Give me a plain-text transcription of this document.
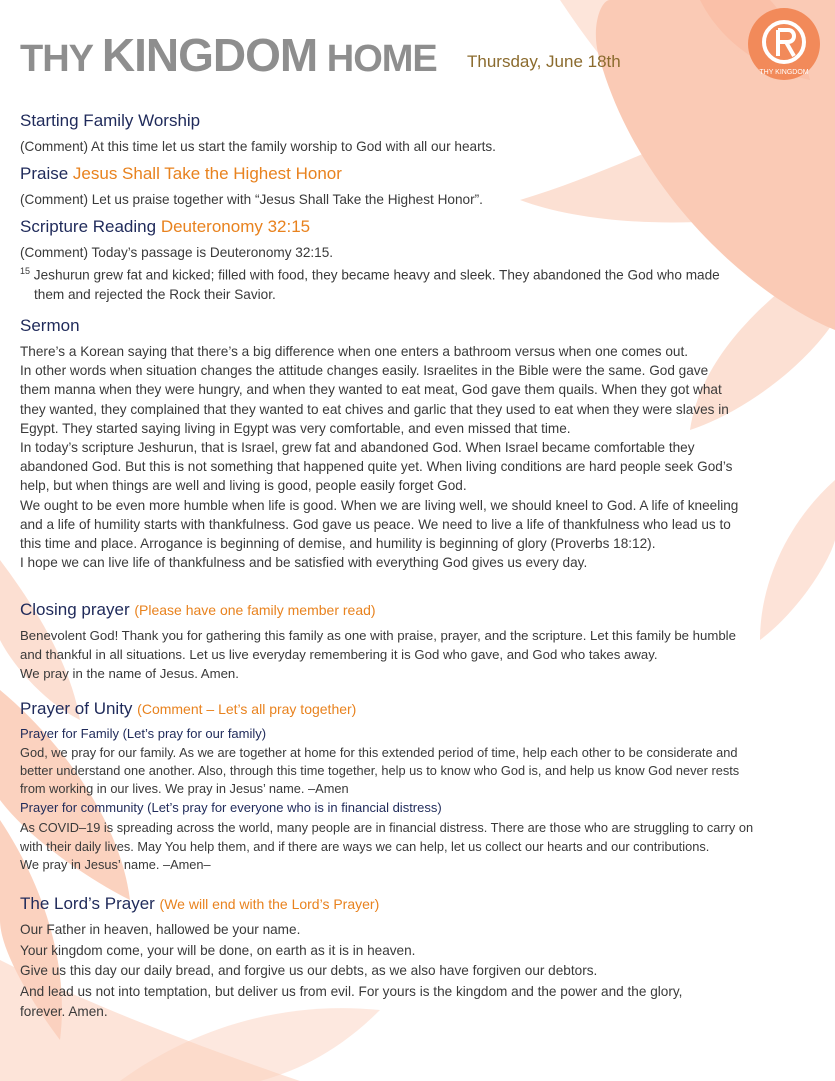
THY KINGDOM HOME Thursday, June 18th
THY KINGDOM
Starting Family Worship
(Comment) At this time let us start the family worship to God with all our hearts.
Praise Jesus Shall Take the Highest Honor
(Comment) Let us praise together with “Jesus Shall Take the Highest Honor”.
Scripture Reading Deuteronomy 32:15
(Comment) Today’s passage is Deuteronomy 32:15.
$^{15}$ Jeshurun grew fat and kicked; filled with food, they became heavy and sleek. They abandoned the God who made
them and rejected the Rock their Savior.
Sermon
There’s a Korean saying that there’s a big difference when one enters a bathroom versus when one comes out.
In other words when situation changes the attitude changes easily. Israelites in the Bible were the same. God gave
them manna when they were hungry, and when they wanted to eat meat, God gave them quails. When they got what
they wanted, they complained that they wanted to eat chives and garlic that they used to eat when they were slaves in
Egypt. They started saying living in Egypt was very comfortable, and even missed that time.
In today’s scripture Jeshurun, that is Israel, grew fat and abandoned God. When Israel became comfortable they
abandoned God. But this is not something that happened quite yet. When living conditions are hard people seek God’s
help, but when things are well and living is good, people easily forget God.
We ought to be even more humble when life is good. When we are living well, we should kneel to God. A life of kneeling
and a life of humility starts with thankfulness. God gave us peace. We need to live a life of thankfulness who lead us to
this time and place. Arrogance is beginning of demise, and humility is beginning of glory (Proverbs 18:12).
I hope we can live life of thankfulness and be satisfied with everything God gives us every day.
Closing prayer (Please have one family member read)
Benevolent God! Thank you for gathering this family as one with praise, prayer, and the scripture. Let this family be humble
and thankful in all situations. Let us live everyday remembering it is God who gave, and God who takes away.
We pray in the name of Jesus. Amen.
Prayer of Unity (Comment – Let’s all pray together)
Prayer for Family (Let’s pray for our family)
God, we pray for our family. As we are together at home for this extended period of time, help each other to be considerate and
better understand one another. Also, through this time together, help us to know who God is, and help us know God never rests
from working in our lives. We pray in Jesus’ name. –Amen
Prayer for community (Let’s pray for everyone who is in financial distress)
As COVID–19 is spreading across the world, many people are in financial distress. There are those who are struggling to carry on
with their daily lives. May You help them, and if there are ways we can help, let us collect our hearts and our contributions.
We pray in Jesus’ name. –Amen–
The Lord’s Prayer (We will end with the Lord’s Prayer)
Our Father in heaven, hallowed be your name.
Your kingdom come, your will be done, on earth as it is in heaven.
Give us this day our daily bread, and forgive us our debts, as we also have forgiven our debtors.
And lead us not into temptation, but deliver us from evil. For yours is the kingdom and the power and the glory,
forever. Amen.
